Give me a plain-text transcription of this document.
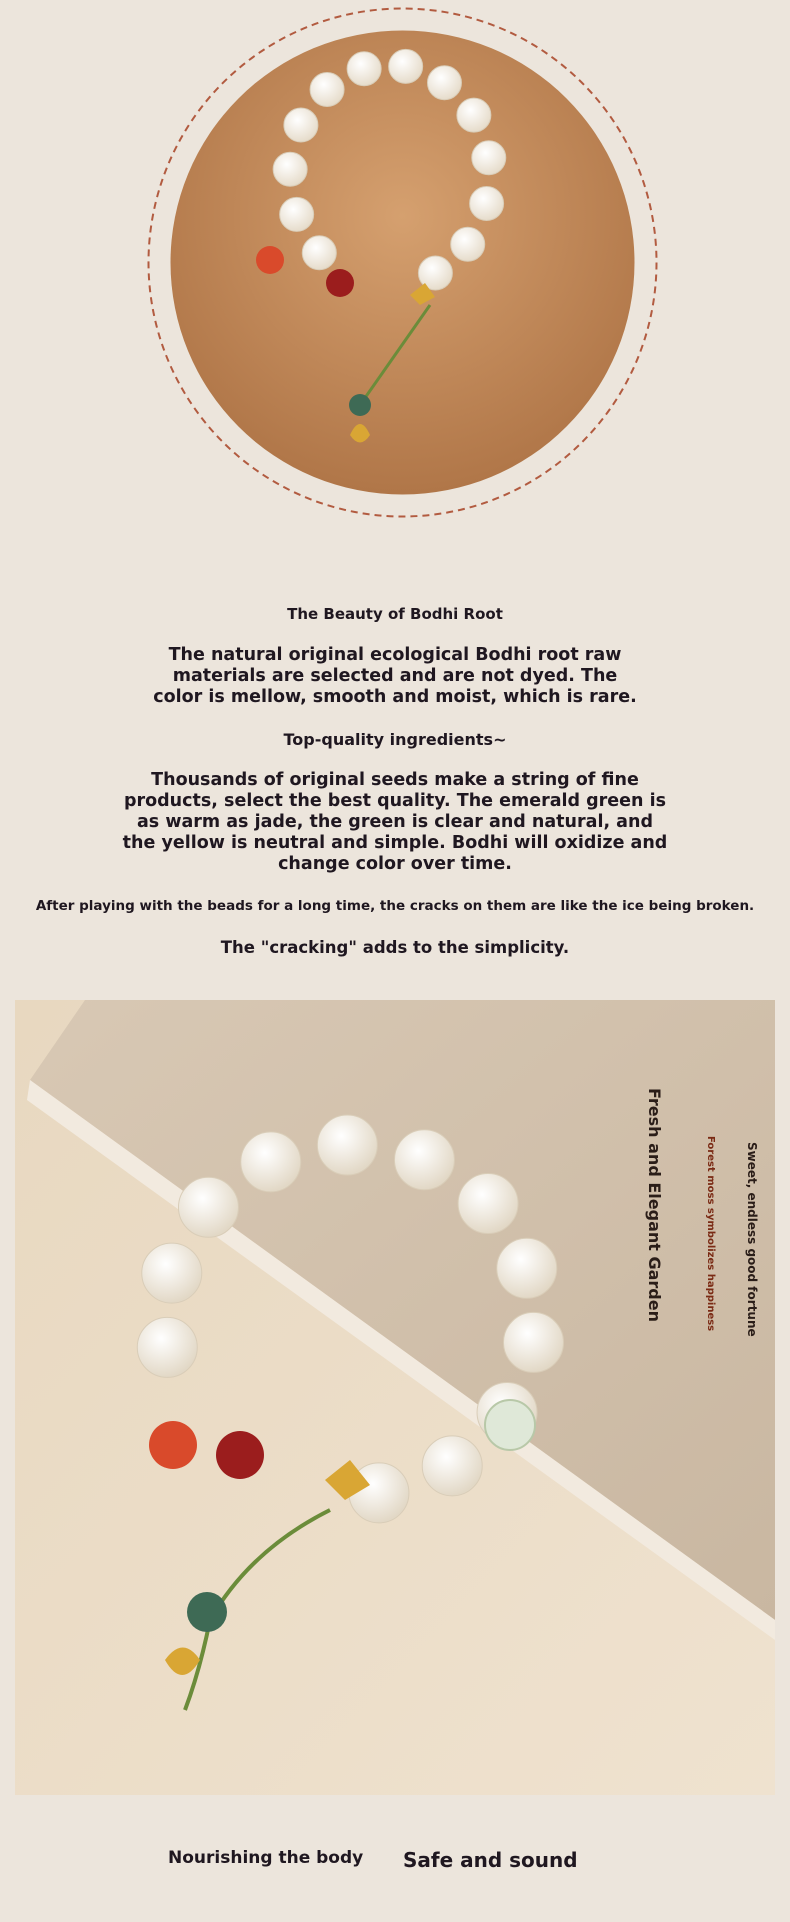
The Beauty of Bodhi Root
The natural original ecological Bodhi root raw materials are selected and are not dyed. The color is mellow, smooth and moist, which is rare.
Top-quality ingredients~
Thousands of original seeds make a string of fine products, select the best quality. The emerald green is as warm as jade, the green is clear and natural, and the yellow is neutral and simple. Bodhi will oxidize and change color over time.
After playing with the beads for a long time, the cracks on them are like the ice being broken.
The "cracking" adds to the simplicity.
Fresh and Elegant Garden	Sweet, endless good fortune
Forest moss symbolizes happiness
Nourishing the body Safe and sound
